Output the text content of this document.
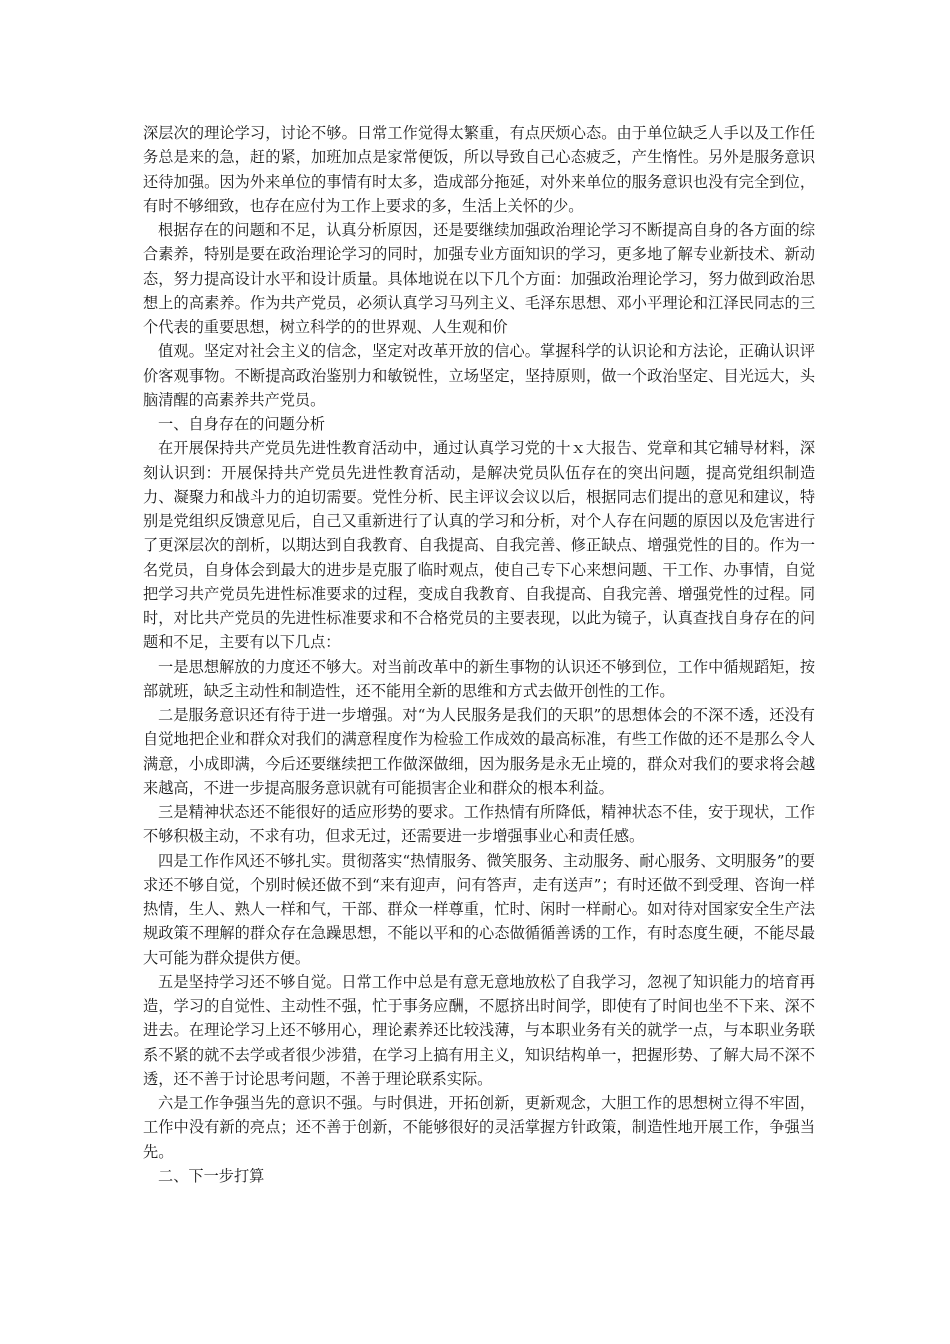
深层次的理论学习，讨论不够。日常工作觉得太繁重，有点厌烦心态。由于单位缺乏人手以及工作任务总是来的急，赶的紧，加班加点是家常便饭，所以导致自己心态疲乏，产生惰性。另外是服务意识还待加强。因为外来单位的事情有时太多，造成部分拖延，对外来单位的服务意识也没有完全到位，有时不够细致，也存在应付为工作上要求的多，生活上关怀的少。

根据存在的问题和不足，认真分析原因，还是要继续加强政治理论学习不断提高自身的各方面的综合素养，特别是要在政治理论学习的同时，加强专业方面知识的学习，更多地了解专业新技术、新动态，努力提高设计水平和设计质量。具体地说在以下几个方面：加强政治理论学习，努力做到政治思想上的高素养。作为共产党员，必须认真学习马列主义、毛泽东思想、邓小平理论和江泽民同志的三个代表的重要思想，树立科学的的世界观、人生观和价

值观。坚定对社会主义的信念，坚定对改革开放的信心。掌握科学的认识论和方法论，正确认识评价客观事物。不断提高政治鉴别力和敏锐性，立场坚定，坚持原则，做一个政治坚定、目光远大，头脑清醒的高素养共产党员。

一、自身存在的问题分析

在开展保持共产党员先进性教育活动中，通过认真学习党的十ｘ大报告、党章和其它辅导材料，深刻认识到：开展保持共产党员先进性教育活动，是解决党员队伍存在的突出问题，提高党组织制造力、凝聚力和战斗力的迫切需要。党性分析、民主评议会议以后，根据同志们提出的意见和建议，特别是党组织反馈意见后，自己又重新进行了认真的学习和分析，对个人存在问题的原因以及危害进行了更深层次的剖析，以期达到自我教育、自我提高、自我完善、修正缺点、增强党性的目的。作为一名党员，自身体会到最大的进步是克服了临时观点，使自己专下心来想问题、干工作、办事情，自觉把学习共产党员先进性标准要求的过程，变成自我教育、自我提高、自我完善、增强党性的过程。同时，对比共产党员的先进性标准要求和不合格党员的主要表现，以此为镜子，认真查找自身存在的问题和不足，主要有以下几点：

一是思想解放的力度还不够大。对当前改革中的新生事物的认识还不够到位，工作中循规蹈矩，按部就班，缺乏主动性和制造性，还不能用全新的思维和方式去做开创性的工作。

二是服务意识还有待于进一步增强。对“为人民服务是我们的天职”的思想体会的不深不透，还没有自觉地把企业和群众对我们的满意程度作为检验工作成效的最高标准，有些工作做的还不是那么令人满意，小成即满，今后还要继续把工作做深做细，因为服务是永无止境的，群众对我们的要求将会越来越高，不进一步提高服务意识就有可能损害企业和群众的根本利益。

三是精神状态还不能很好的适应形势的要求。工作热情有所降低，精神状态不佳，安于现状，工作不够积极主动，不求有功，但求无过，还需要进一步增强事业心和责任感。

四是工作作风还不够扎实。贯彻落实“热情服务、微笑服务、主动服务、耐心服务、文明服务”的要求还不够自觉，个别时候还做不到“来有迎声，问有答声，走有送声”；有时还做不到受理、咨询一样热情，生人、熟人一样和气，干部、群众一样尊重，忙时、闲时一样耐心。如对待对国家安全生产法规政策不理解的群众存在急躁思想，不能以平和的心态做循循善诱的工作，有时态度生硬，不能尽最大可能为群众提供方便。

五是坚持学习还不够自觉。日常工作中总是有意无意地放松了自我学习，忽视了知识能力的培育再造，学习的自觉性、主动性不强，忙于事务应酬，不愿挤出时间学，即使有了时间也坐不下来、深不进去。在理论学习上还不够用心，理论素养还比较浅薄，与本职业务有关的就学一点，与本职业务联系不紧的就不去学或者很少涉猎，在学习上搞有用主义，知识结构单一，把握形势、了解大局不深不透，还不善于讨论思考问题，不善于理论联系实际。

六是工作争强当先的意识不强。与时俱进，开拓创新，更新观念，大胆工作的思想树立得不牢固，工作中没有新的亮点；还不善于创新，不能够很好的灵活掌握方针政策，制造性地开展工作，争强当先。

二、下一步打算
